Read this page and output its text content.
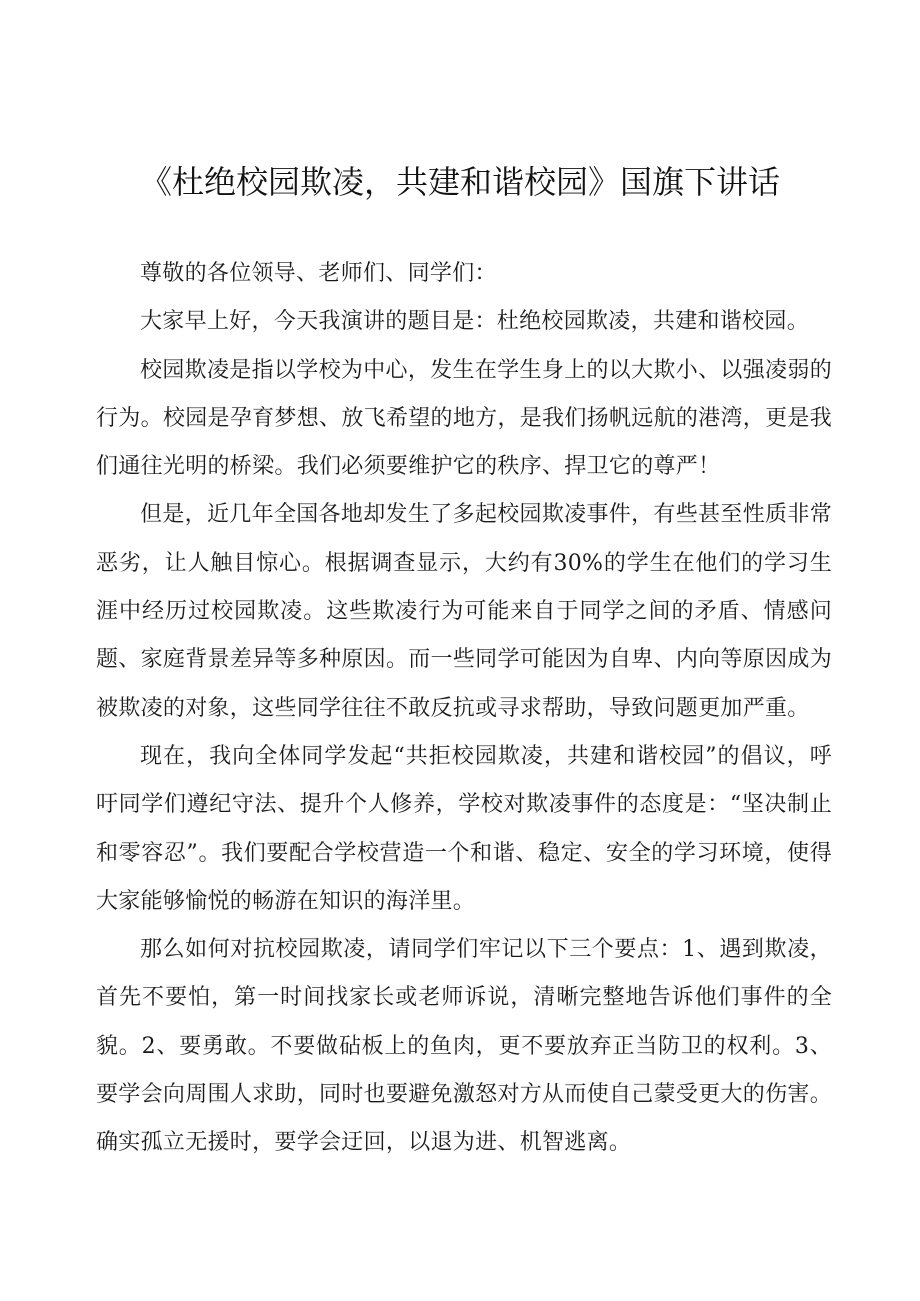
《杜绝校园欺凌，共建和谐校园》国旗下讲话

尊敬的各位领导、老师们、同学们：

大家早上好，今天我演讲的题目是：杜绝校园欺凌，共建和谐校园。

校园欺凌是指以学校为中心，发生在学生身上的以大欺小、以强凌弱的行为。校园是孕育梦想、放飞希望的地方，是我们扬帆远航的港湾，更是我们通往光明的桥梁。我们必须要维护它的秩序、捍卫它的尊严！

但是，近几年全国各地却发生了多起校园欺凌事件，有些甚至性质非常恶劣，让人触目惊心。根据调查显示，大约有30%的学生在他们的学习生涯中经历过校园欺凌。这些欺凌行为可能来自于同学之间的矛盾、情感问题、家庭背景差异等多种原因。而一些同学可能因为自卑、内向等原因成为被欺凌的对象，这些同学往往不敢反抗或寻求帮助，导致问题更加严重。

现在，我向全体同学发起“共拒校园欺凌，共建和谐校园”的倡议，呼吁同学们遵纪守法、提升个人修养，学校对欺凌事件的态度是：“坚决制止和零容忍”。我们要配合学校营造一个和谐、稳定、安全的学习环境，使得大家能够愉悦的畅游在知识的海洋里。

那么如何对抗校园欺凌，请同学们牢记以下三个要点：1、遇到欺凌，首先不要怕，第一时间找家长或老师诉说，清晰完整地告诉他们事件的全貌。2、要勇敢。不要做砧板上的鱼肉，更不要放弃正当防卫的权利。3、要学会向周围人求助，同时也要避免激怒对方从而使自己蒙受更大的伤害。确实孤立无援时，要学会迂回，以退为进、机智逃离。
